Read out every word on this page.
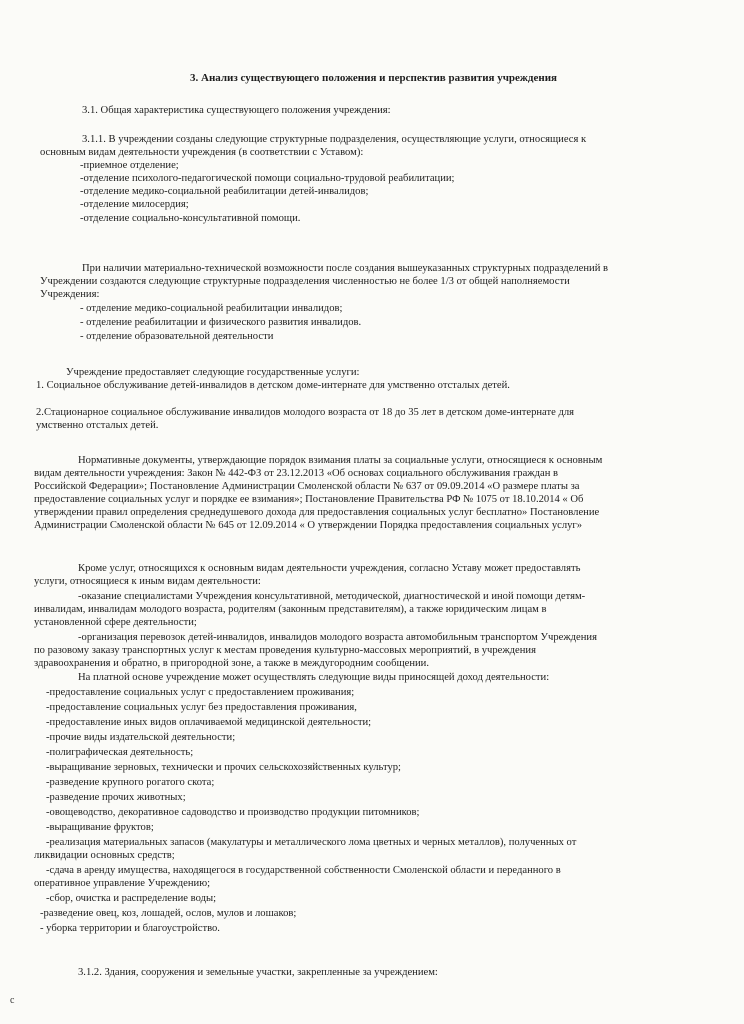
3. Анализ существующего положения и перспектив развития учреждения
3.1. Общая характеристика существующего положения учреждения:
3.1.1. В учреждении созданы следующие структурные подразделения, осуществляющие услуги, относящиеся к
основным видам деятельности учреждения (в соответствии с Уставом):
-приемное отделение;
-отделение психолого-педагогической помощи социально-трудовой реабилитации;
-отделение медико-социальной реабилитации детей-инвалидов;
-отделение милосердия;
-отделение социально-консультативной помощи.
При наличии материально-технической возможности после создания вышеуказанных структурных подразделений в
Учреждении создаются следующие структурные подразделения численностью не более 1/3 от общей наполняемости
Учреждения:
- отделение медико-социальной реабилитации инвалидов;
- отделение реабилитации и физического развития инвалидов.
- отделение образовательной деятельности
Учреждение предоставляет следующие государственные услуги:
1. Социальное обслуживание детей-инвалидов в детском доме-интернате для умственно отсталых детей.
2.Стационарное социальное обслуживание инвалидов молодого возраста от 18 до 35 лет в детском доме-интернате для
умственно отсталых детей.
Нормативные документы, утверждающие порядок взимания платы за социальные услуги, относящиеся к основным
видам деятельности учреждения: Закон № 442-ФЗ от 23.12.2013 «Об основах социального обслуживания граждан в
Российской Федерации»; Постановление Администрации Смоленской области № 637 от 09.09.2014 «О размере платы за
предоставление социальных услуг и порядке ее взимания»; Постановление Правительства РФ № 1075 от 18.10.2014 « Об
утверждении правил определения среднедушевого дохода для предоставления социальных услуг бесплатно» Постановление
Администрации Смоленской области № 645 от 12.09.2014 « О утверждении Порядка предоставления социальных услуг»
Кроме услуг, относящихся к основным видам деятельности учреждения, согласно Уставу может предоставлять
услуги, относящиеся к иным видам деятельности:
-оказание специалистами Учреждения консультативной, методической, диагностической и иной помощи детям-
инвалидам, инвалидам молодого возраста, родителям (законным представителям), а также юридическим лицам в
установленной сфере деятельности;
-организация перевозок детей-инвалидов, инвалидов молодого возраста автомобильным транспортом Учреждения
по разовому заказу транспортных услуг к местам проведения культурно-массовых мероприятий, в учреждения
здравоохранения и обратно, в пригородной зоне, а также в междугородним сообщении.
На платной основе учреждение может осуществлять следующие виды приносящей доход деятельности:
-предоставление социальных услуг с предоставлением проживания;
-предоставление социальных услуг без предоставления проживания,
-предоставление иных видов оплачиваемой медицинской деятельности;
-прочие виды издательской деятельности;
-полиграфическая деятельность;
-выращивание зерновых, технически и прочих сельскохозяйственных культур;
-разведение крупного рогатого скота;
-разведение прочих животных;
-овощеводство, декоративное садоводство и производство продукции питомников;
-выращивание фруктов;
-реализация материальных запасов (макулатуры и металлического лома цветных и черных металлов), полученных от
ликвидации основных средств;
-сдача в аренду имущества, находящегося в государственной собственности Смоленской области и переданного в
оперативное управление Учреждению;
-сбор, очистка и распределение воды;
-разведение овец, коз, лошадей, ослов, мулов и лошаков;
- уборка территории и благоустройство.
3.1.2. Здания, сооружения и земельные участки, закрепленные за учреждением:
c
